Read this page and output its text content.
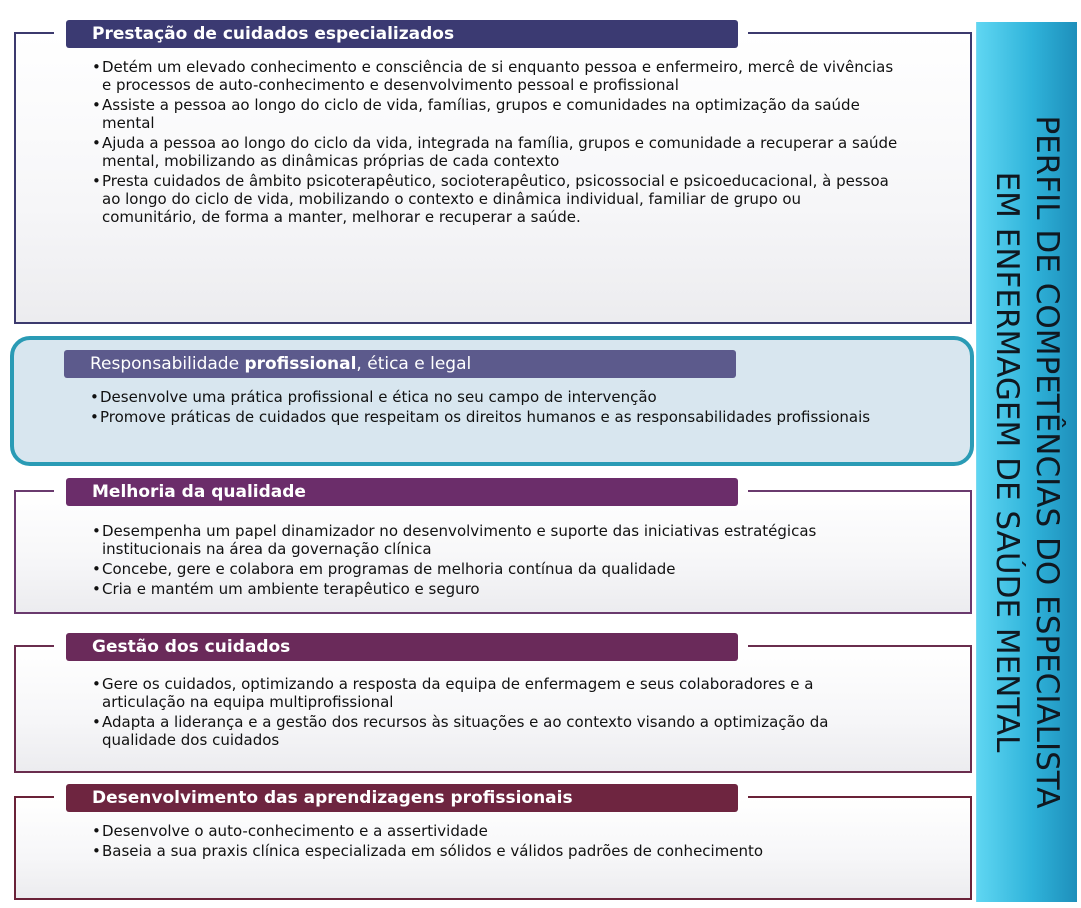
Prestação de cuidados especializados
• Detém um elevado conhecimento e consciência de si enquanto pessoa e enfermeiro, mercê de vivências e processos de auto-conhecimento e desenvolvimento pessoal e profissional
• Assiste a pessoa ao longo do ciclo de vida, famílias, grupos e comunidades na optimização da saúde mental
• Ajuda a pessoa ao longo do ciclo da vida, integrada na família, grupos e comunidade a recuperar a saúde mental, mobilizando as dinâmicas próprias de cada contexto
• Presta cuidados de âmbito psicoterapêutico, socioterapêutico, psicossocial e psicoeducacional, à pessoa ao longo do ciclo de vida, mobilizando o contexto e dinâmica individual, familiar de grupo ou comunitário, de forma a manter, melhorar e recuperar a saúde.
Responsabilidade profissional, ética e legal
• Desenvolve uma prática profissional e ética no seu campo de intervenção
• Promove práticas de cuidados que respeitam os direitos humanos e as responsabilidades profissionais
Melhoria da qualidade
• Desempenha um papel dinamizador no desenvolvimento e suporte das iniciativas estratégicas institucionais na área da governação clínica
• Concebe, gere e colabora em programas de melhoria contínua da qualidade
• Cria e mantém um ambiente terapêutico e seguro
Gestão dos cuidados
• Gere os cuidados, optimizando a resposta da equipa de enfermagem e seus colaboradores e a articulação na equipa multiprofissional
• Adapta a liderança e a gestão dos recursos às situações e ao contexto visando a optimização da qualidade dos cuidados
Desenvolvimento das aprendizagens profissionais
• Desenvolve o auto-conhecimento e a assertividade
• Baseia a sua praxis clínica especializada em sólidos e válidos padrões de conhecimento
PERFIL DE COMPETÊNCIAS DO ESPECIALISTA
EM ENFERMAGEM DE SAÚDE MENTAL
